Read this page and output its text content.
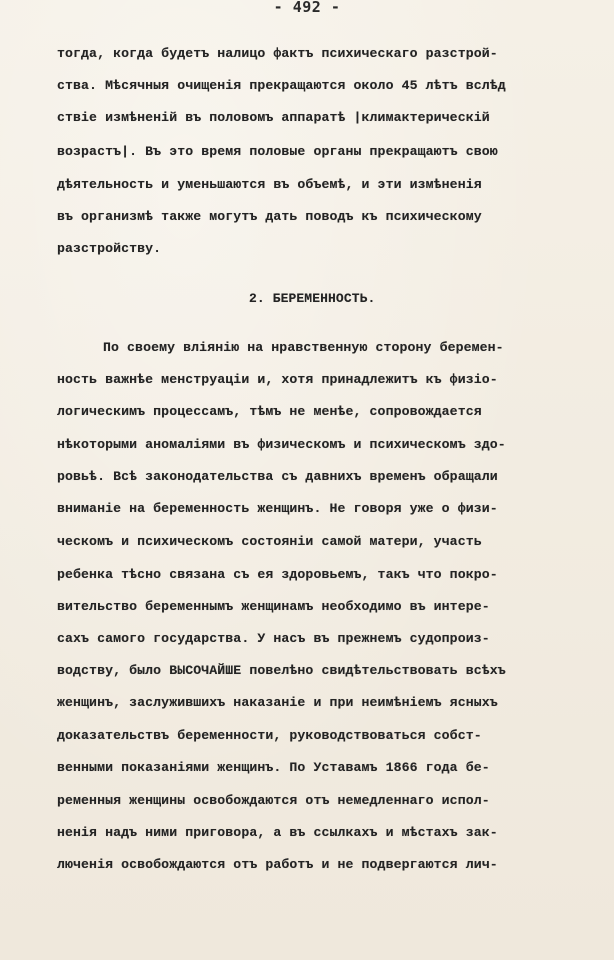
- 492 -
тогда, когда будетъ налицо фактъ психическаго разстрой-
ства. Мѣсячныя очищенія прекращаются около 45 лѣтъ вслѣд
ствіе измѣненій въ половомъ аппаратѣ |климактерическій
возрастъ|. Въ это время половые органы прекращаютъ свою
дѣятельность и уменьшаются въ объемѣ, и эти измѣненія
въ организмѣ также могутъ дать поводъ къ психическому
разстройству.
2. БЕРЕМЕННОСТЬ.
По своему вліянію на нравственную сторону беремен-
ность важнѣе менструаціи и, хотя принадлежитъ къ физіо-
логическимъ процессамъ, тѣмъ не менѣе, сопровождается
нѣкоторыми аномаліями въ физическомъ и психическомъ здо-
ровьѣ. Всѣ законодательства съ давнихъ временъ обращали
вниманіе на беременность женщинъ. Не говоря уже о физи-
ческомъ и психическомъ состояніи самой матери, участь
ребенка тѣсно связана съ ея здоровьемъ, такъ что покро-
вительство беременнымъ женщинамъ необходимо въ интере-
сахъ самого государства. У насъ въ прежнемъ судопроиз-
водству, было ВЫСОЧАЙШЕ повелѣно свидѣтельствовать всѣхъ
женщинъ, заслужившихъ наказаніе и при неимѣніемъ ясныхъ
доказательствъ беременности, руководствоваться собст-
венными показаніями женщинъ. По Уставамъ 1866 года бе-
ременныя женщины освобождаются отъ немедленнаго испол-
ненія надъ ними приговора, а въ ссылкахъ и мѣстахъ зак-
люченія освобождаются отъ работъ и не подвергаются лич-
